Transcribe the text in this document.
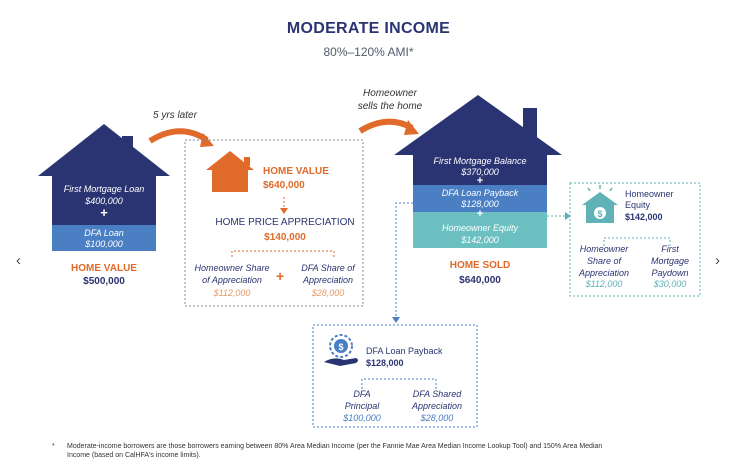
MODERATE INCOME
80%–120% AMI*
‹	›
$
$
First Mortgage Loan
$400,000
+
DFA Loan
$100,000
HOME VALUE
$500,000
5 yrs later
HOME VALUE
$640,000
HOME PRICE APPRECIATION
$140,000
Homeowner Share
of Appreciation
$112,000
+	DFA Share of
Appreciation
$28,000
Homeowner
sells the home
First Mortgage Balance
$370,000
+
DFA Loan Payback
$128,000
+
Homeowner Equity
$142,000
HOME SOLD
$640,000
Homeowner
Equity
$142,000
Homeowner
Share of
Appreciation
$112,000
First
Mortgage
Paydown
$30,000
DFA Loan Payback
$128,000
DFA
Principal
$100,000
DFA Shared
Appreciation
$28,000
* Moderate-income borrowers are those borrowers earning between 80% Area Median Income (per the Fannie Mae Area Median Income Lookup Tool) and 150% Area Median
Income (based on CalHFA's income limits).
